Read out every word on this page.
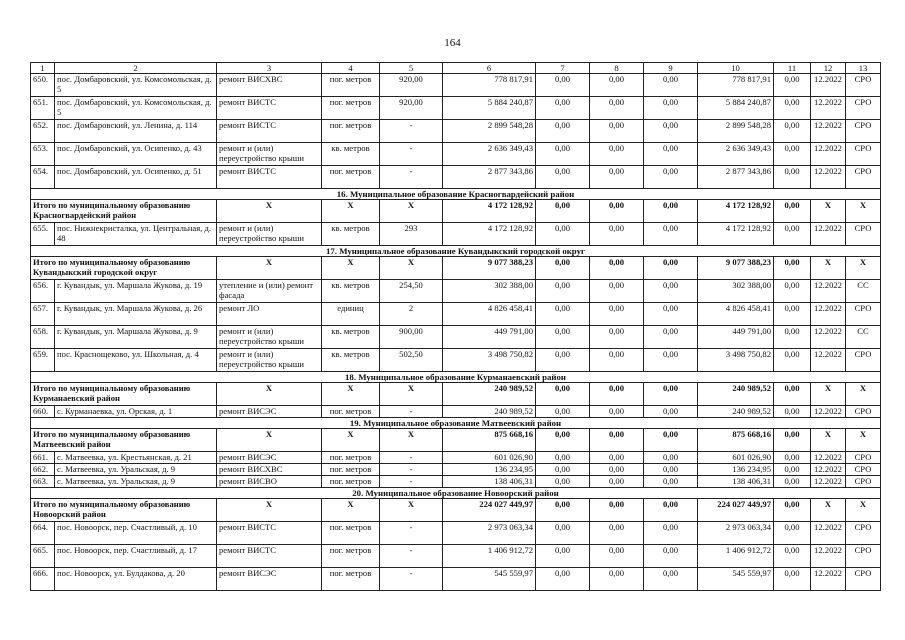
164
1	2	3	4	5	6	7	8	9	10	11	12	13
650.	пос. Домбаровский, ул. Комсомольская, д. 5	ремонт ВИСХВС	пог. метров	920,00	778 817,91	0,00	0,00	0,00	778 817,91	0,00	12.2022	СРО
651.	пос. Домбаровский, ул. Комсомольская, д. 5	ремонт ВИСТС	пог. метров	920,00	5 884 240,87	0,00	0,00	0,00	5 884 240,87	0,00	12.2022	СРО
652.	пос. Домбаровский, ул. Ленина, д. 114	ремонт ВИСТС	пог. метров	-	2 899 548,28	0,00	0,00	0,00	2 899 548,28	0,00	12.2022	СРО
653.	пос. Домбаровский, ул. Осипенко, д. 43	ремонт и (или) переустройство крыши	кв. метров	-	2 636 349,43	0,00	0,00	0,00	2 636 349,43	0,00	12.2022	СРО
654.	пос. Домбаровский, ул. Осипенко, д. 51	ремонт ВИСТС	пог. метров	-	2 877 343,86	0,00	0,00	0,00	2 877 343,86	0,00	12.2022	СРО
16. Муниципальное образование Красногвардейский район												
Итого по муниципальному образованию Красногвардейский район		X	X	X	4 172 128,92	0,00	0,00	0,00	4 172 128,92	0,00	X	X
655.	пос. Нижнекристалка, ул. Центральная, д. 48	ремонт и (или) переустройство крыши	кв. метров	293	4 172 128,92	0,00	0,00	0,00	4 172 128,92	0,00	12.2022	СРО
17. Муниципальное образование Кувандыкский городской округ												
Итого по муниципальному образованию Кувандыкский городской округ		X	X	X	9 077 388,23	0,00	0,00	0,00	9 077 388,23	0,00	X	X
656.	г. Кувандык, ул. Маршала Жукова, д. 19	утепление и (или) ремонт фасада	кв. метров	254,50	302 388,00	0,00	0,00	0,00	302 388,00	0,00	12.2022	СС
657.	г. Кувандык, ул. Маршала Жукова, д. 26	ремонт ЛО	единиц	2	4 826 458,41	0,00	0,00	0,00	4 826 458,41	0,00	12.2022	СРО
658.	г. Кувандык, ул. Маршала Жукова, д. 9	ремонт и (или) переустройство крыши	кв. метров	900,00	449 791,00	0,00	0,00	0,00	449 791,00	0,00	12.2022	СС
659.	пос. Краснощеково, ул. Школьная, д. 4	ремонт и (или) переустройство крыши	кв. метров	502,50	3 498 750,82	0,00	0,00	0,00	3 498 750,82	0,00	12.2022	СРО
18. Муниципальное образование Курманаевский район												
Итого по муниципальному образованию Курманаевский район		X	X	X	240 989,52	0,00	0,00	0,00	240 989,52	0,00	X	X
660.	с. Курманаевка, ул. Орская, д. 1	ремонт ВИСЭС	пог. метров	-	240 989,52	0,00	0,00	0,00	240 989,52	0,00	12.2022	СРО
19. Муниципальное образование Матвеевский район												
Итого по муниципальному образованию Матвеевский район		X	X	X	875 668,16	0,00	0,00	0,00	875 668,16	0,00	X	X
661.	с. Матвеевка, ул. Крестьянская, д. 21	ремонт ВИСЭС	пог. метров	-	601 026,90	0,00	0,00	0,00	601 026,90	0,00	12.2022	СРО
662.	с. Матвеевка, ул. Уральская, д. 9	ремонт ВИСХВС	пог. метров	-	136 234,95	0,00	0,00	0,00	136 234,95	0,00	12.2022	СРО
663.	с. Матвеевка, ул. Уральская, д. 9	ремонт ВИСВО	пог. метров	-	138 406,31	0,00	0,00	0,00	138 406,31	0,00	12.2022	СРО
20. Муниципальное образование Новоорский район												
Итого по муниципальному образованию Новоорский район		X	X	X	224 027 449,97	0,00	0,00	0,00	224 027 449,97	0,00	X	X
664.	пос. Новоорск, пер. Счастливый, д. 10	ремонт ВИСТС	пог. метров	-	2 973 063,34	0,00	0,00	0,00	2 973 063,34	0,00	12.2022	СРО
665.	пос. Новоорск, пер. Счастливый, д. 17	ремонт ВИСТС	пог. метров	-	1 406 912,72	0,00	0,00	0,00	1 406 912,72	0,00	12.2022	СРО
666.	пос. Новоорск, ул. Булдакова, д. 20	ремонт ВИСЭС	пог. метров	-	545 559,97	0,00	0,00	0,00	545 559,97	0,00	12.2022	СРО
